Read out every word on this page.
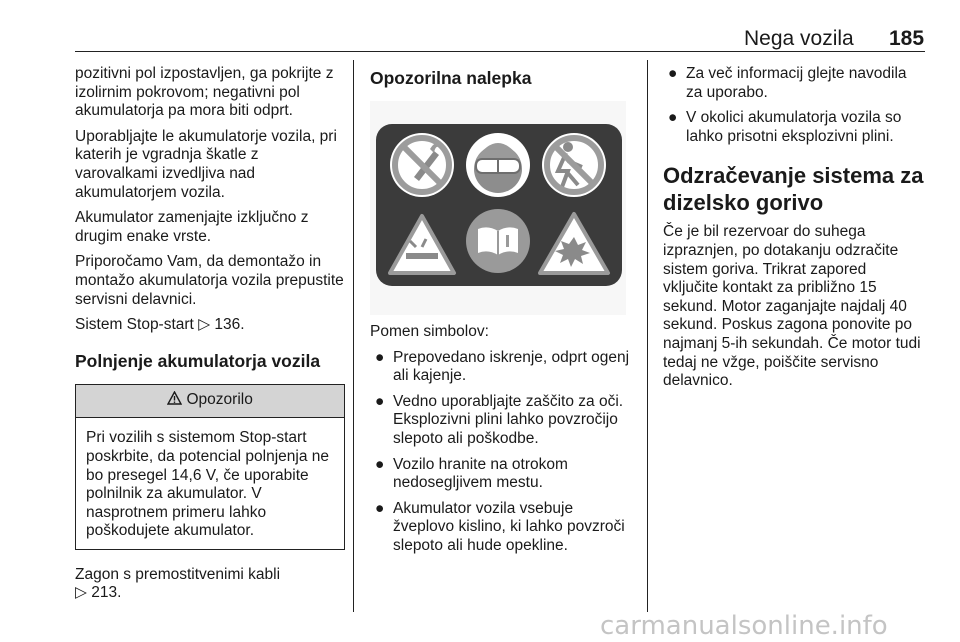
Nega vozila 185

pozitivni pol izpostavljen, ga pokrijte z izolirnim pokrovom; negativni pol akumulatorja pa mora biti odprt.

Uporabljajte le akumulatorje vozila, pri katerih je vgradnja škatle z varovalkami izvedljiva nad akumulatorjem vozila.

Akumulator zamenjajte izključno z drugim enake vrste.

Priporočamo Vam, da demontažo in montažo akumulatorja vozila prepustite servisni delavnici.

Sistem Stop-start ▷ 136.

Polnjenje akumulatorja vozila
Opozorilo
Pri vozilih s sistemom Stop-start poskrbite, da potencial polnjenja ne bo presegel 14,6 V, če uporabite polnilnik za akumulator. V nasprotnem primeru lahko poškodujete akumulator.

Zagon s premostitvenimi kabli
▷ 213.

Opozorilna nalepka

Pomen simbolov:

● Prepovedano iskrenje, odprt ogenj ali kajenje.
● Vedno uporabljajte zaščito za oči. Eksplozivni plini lahko povzročijo slepoto ali poškodbe.
● Vozilo hranite na otrokom nedosegljivem mestu.
● Akumulator vozila vsebuje žveplovo kislino, ki lahko povzroči slepoto ali hude opekline.
● Za več informacij glejte navodila za uporabo.
● V okolici akumulatorja vozila so lahko prisotni eksplozivni plini.
Odzračevanje sistema za dizelsko gorivo

Če je bil rezervoar do suhega izpraznjen, po dotakanju odzračite sistem goriva. Trikrat zapored vključite kontakt za približno 15 sekund. Motor zaganjajte najdalj 40 sekund. Poskus zagona ponovite po najmanj 5-ih sekundah. Če motor tudi tedaj ne vžge, poiščite servisno delavnico.

carmanualsonline.info
